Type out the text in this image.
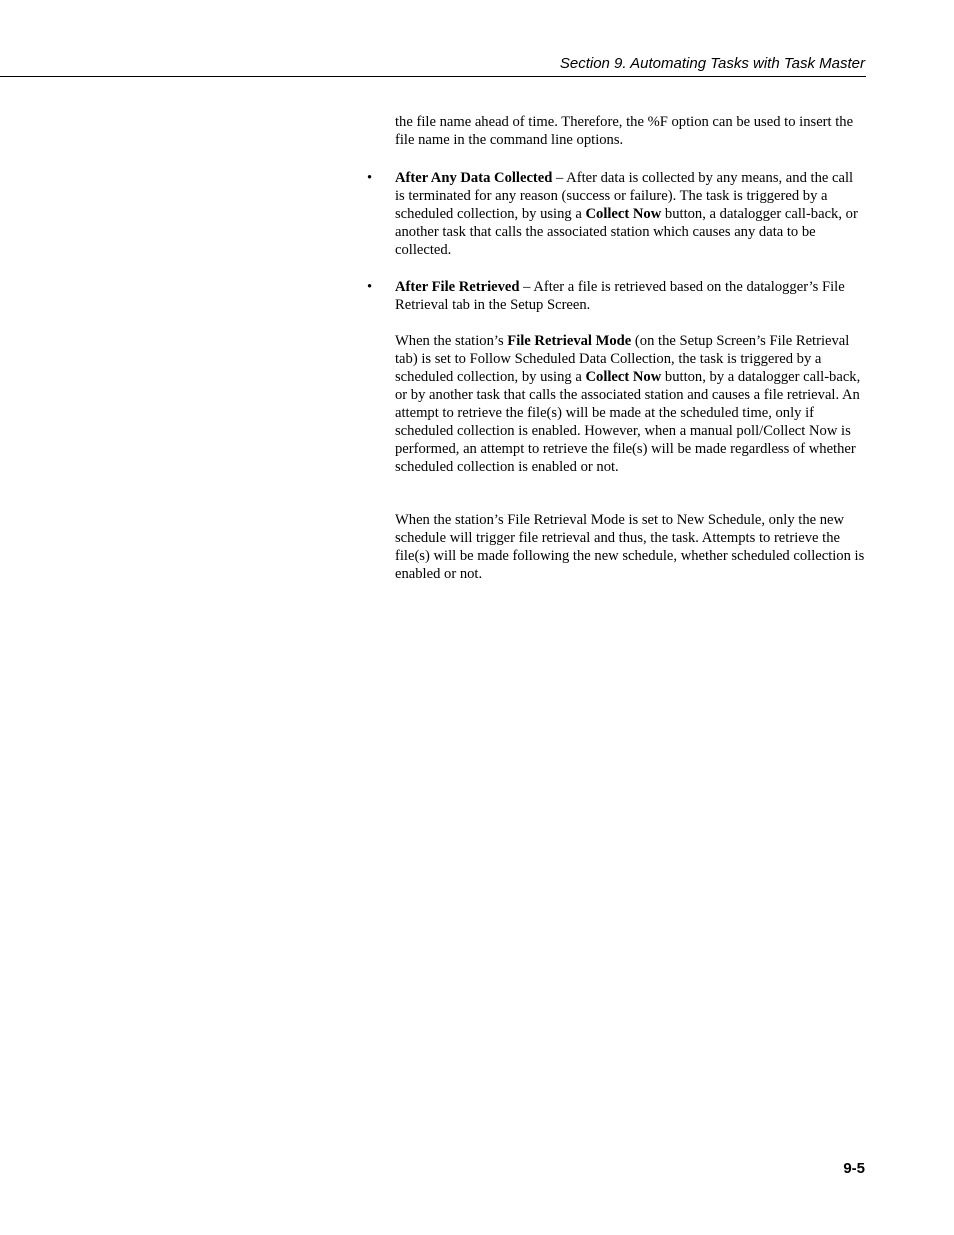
Section 9. Automating Tasks with Task Master

the file name ahead of time. Therefore, the %F option can be used to insert the file name in the command line options.

• After Any Data Collected – After data is collected by any means, and the call is terminated for any reason (success or failure). The task is triggered by a scheduled collection, by using a Collect Now button, a datalogger call-back, or another task that calls the associated station which causes any data to be collected.

• After File Retrieved – After a file is retrieved based on the datalogger’s File Retrieval tab in the Setup Screen.

When the station’s File Retrieval Mode (on the Setup Screen’s File Retrieval tab) is set to Follow Scheduled Data Collection, the task is triggered by a scheduled collection, by using a Collect Now button, by a datalogger call-back, or by another task that calls the associated station and causes a file retrieval. An attempt to retrieve the file(s) will be made at the scheduled time, only if scheduled collection is enabled. However, when a manual poll/Collect Now is performed, an attempt to retrieve the file(s) will be made regardless of whether scheduled collection is enabled or not.

When the station’s File Retrieval Mode is set to New Schedule, only the new schedule will trigger file retrieval and thus, the task. Attempts to retrieve the file(s) will be made following the new schedule, whether scheduled collection is enabled or not.

9-5
